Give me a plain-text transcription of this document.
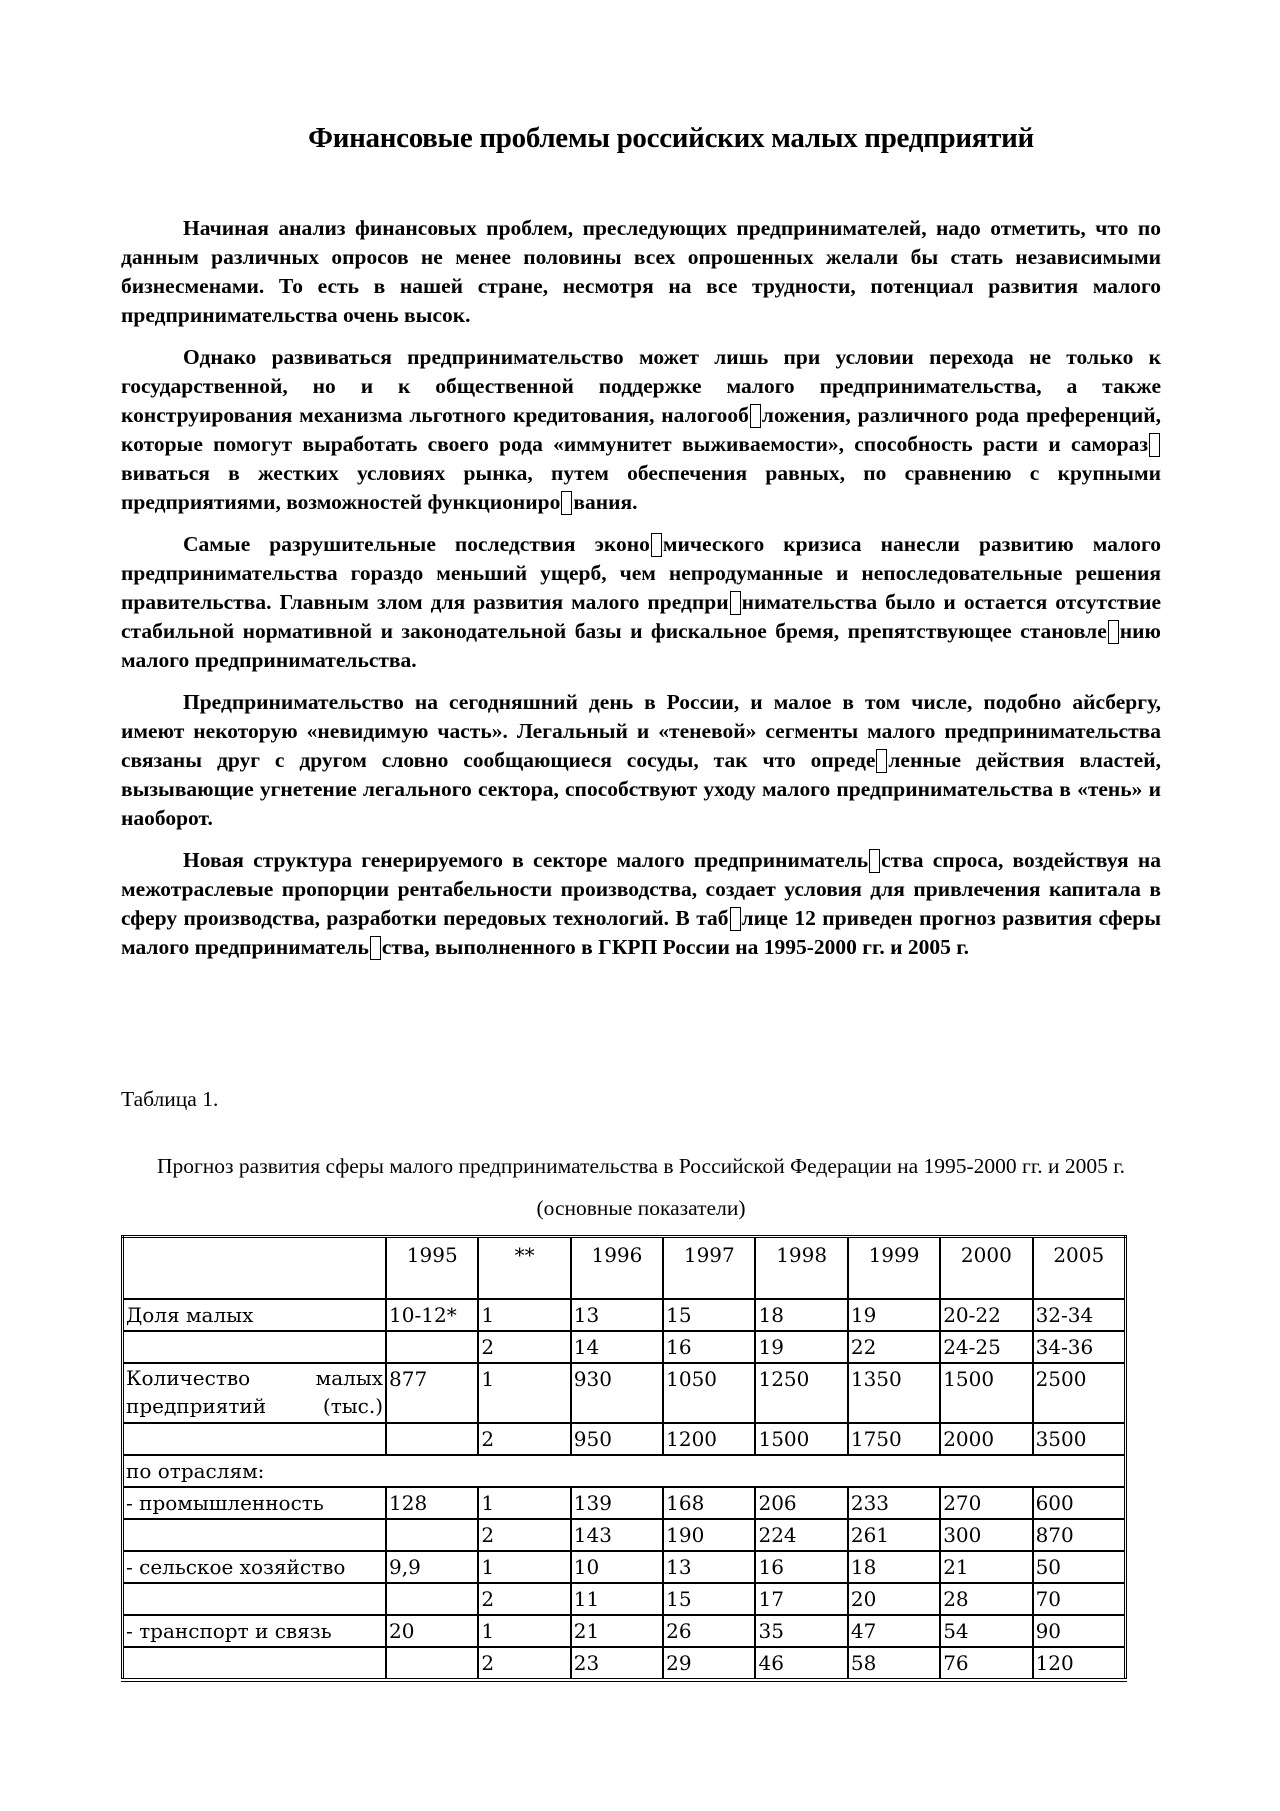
Финансовые проблемы российских малых предприятий

Начиная анализ финансовых проблем, преследующих предпринимателей, надо отметить, что по данным различных опросов не менее половины всех опрошенных желали бы стать независимыми бизнесменами. То есть в нашей стране, несмотря на все трудности, потенциал развития малого предпринимательства очень высок.

Однако развиваться предпринимательство может лишь при условии перехода не только к государственной, но и к общественной поддержке малого предпринимательства, а также конструирования механизма льготного кредитования, налогооб ложения, различного рода преференций, которые помогут выработать своего рода «иммунитет выживаемости», способность расти и саморазвиваться в жестких условиях рынка, путем обеспечения равных, по сравнению с крупными предприятиями, возможностей функциониро вания.

Самые разрушительные последствия эконо мического кризиса нанесли развитию малого предпринимательства гораздо меньший ущерб, чем непродуманные и непоследовательные решения правительства. Главным злом для развития малого предпри нимательства было и остается отсутствие стабильной нормативной и законодательной базы и фискальное бремя, препятствующее становле нию малого предпринимательства.

Предпринимательство на сегодняшний день в России, и малое в том числе, подобно айсбергу, имеют некоторую «невидимую часть». Легальный и «теневой» сегменты малого предпринимательства связаны друг с другом словно сообщающиеся сосуды, так что опреде ленные действия властей, вызывающие угнетение легального сектора, способствуют уходу малого предпринимательства в «тень» и наоборот.

Новая структура генерируемого в секторе малого предприниматель ства спроса, воздействуя на межотраслевые пропорции рентабельности производства, создает условия для привлечения капитала в сферу производства, разработки передовых технологий. В таб лице 12 приведен прогноз развития сферы малого предприниматель ства, выполненного в ГКРП России на 1995-2000 гг. и 2005 г.

Таблица 1.
Прогноз развития сферы малого предпринимательства в Российской Федерации на 1995-2000 гг. и 2005 г. (основные показатели)
	1995	**	1996	1997	1998	1999	2000	2005
Доля малых	10-12*	1	13	15	18	19	20-22	32-34
		2	14	16	19	22	24-25	34-36
Количество малых предприятий (тыс.)	877	1	930	1050	1250	1350	1500	2500
		2	950	1200	1500	1750	2000	3500
по отраслям:								
- промышленность	128	1	139	168	206	233	270	600
		2	143	190	224	261	300	870
- сельское хозяйство	9,9	1	10	13	16	18	21	50
		2	11	15	17	20	28	70
- транспорт и связь	20	1	21	26	35	47	54	90
		2	23	29	46	58	76	120
